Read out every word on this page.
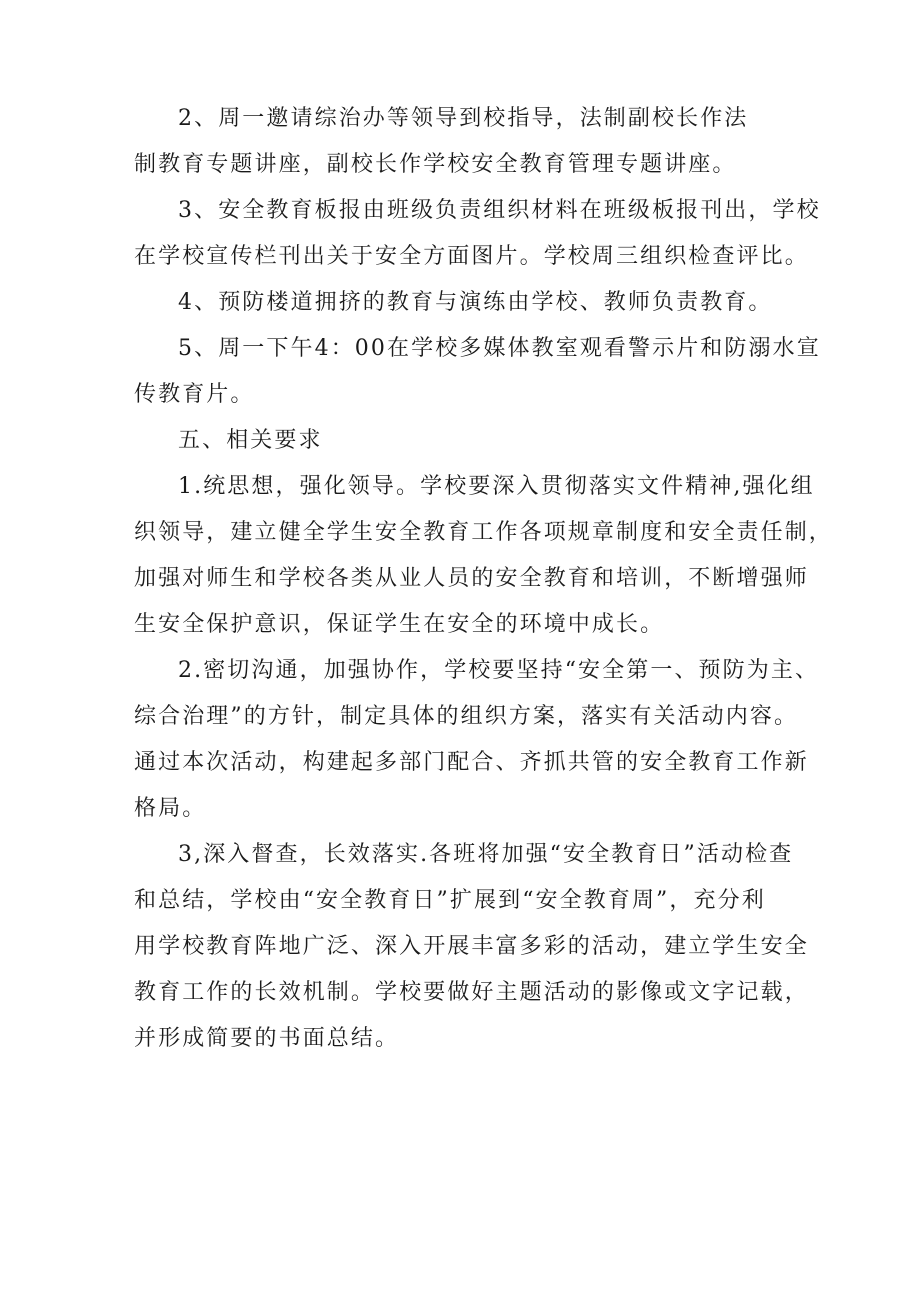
2、周一邀请综治办等领导到校指导，法制副校长作法
制教育专题讲座，副校长作学校安全教育管理专题讲座。
3、安全教育板报由班级负责组织材料在班级板报刊出，学校
在学校宣传栏刊出关于安全方面图片。学校周三组织检查评比。
4、预防楼道拥挤的教育与演练由学校、教师负责教育。
5、周一下午4：00在学校多媒体教室观看警示片和防溺水宣
传教育片。
五、相关要求
1.统思想，强化领导。学校要深入贯彻落实文件精神,强化组
织领导，建立健全学生安全教育工作各项规章制度和安全责任制，
加强对师生和学校各类从业人员的安全教育和培训，不断增强师
生安全保护意识，保证学生在安全的环境中成长。
2.密切沟通，加强协作，学校要坚持“安全第一、预防为主、
综合治理”的方针，制定具体的组织方案，落实有关活动内容。
通过本次活动，构建起多部门配合、齐抓共管的安全教育工作新
格局。
3,深入督查，长效落实.各班将加强“安全教育日”活动检查
和总结，学校由“安全教育日”扩展到“安全教育周”，充分利
用学校教育阵地广泛、深入开展丰富多彩的活动，建立学生安全
教育工作的长效机制。学校要做好主题活动的影像或文字记载，
并形成简要的书面总结。
